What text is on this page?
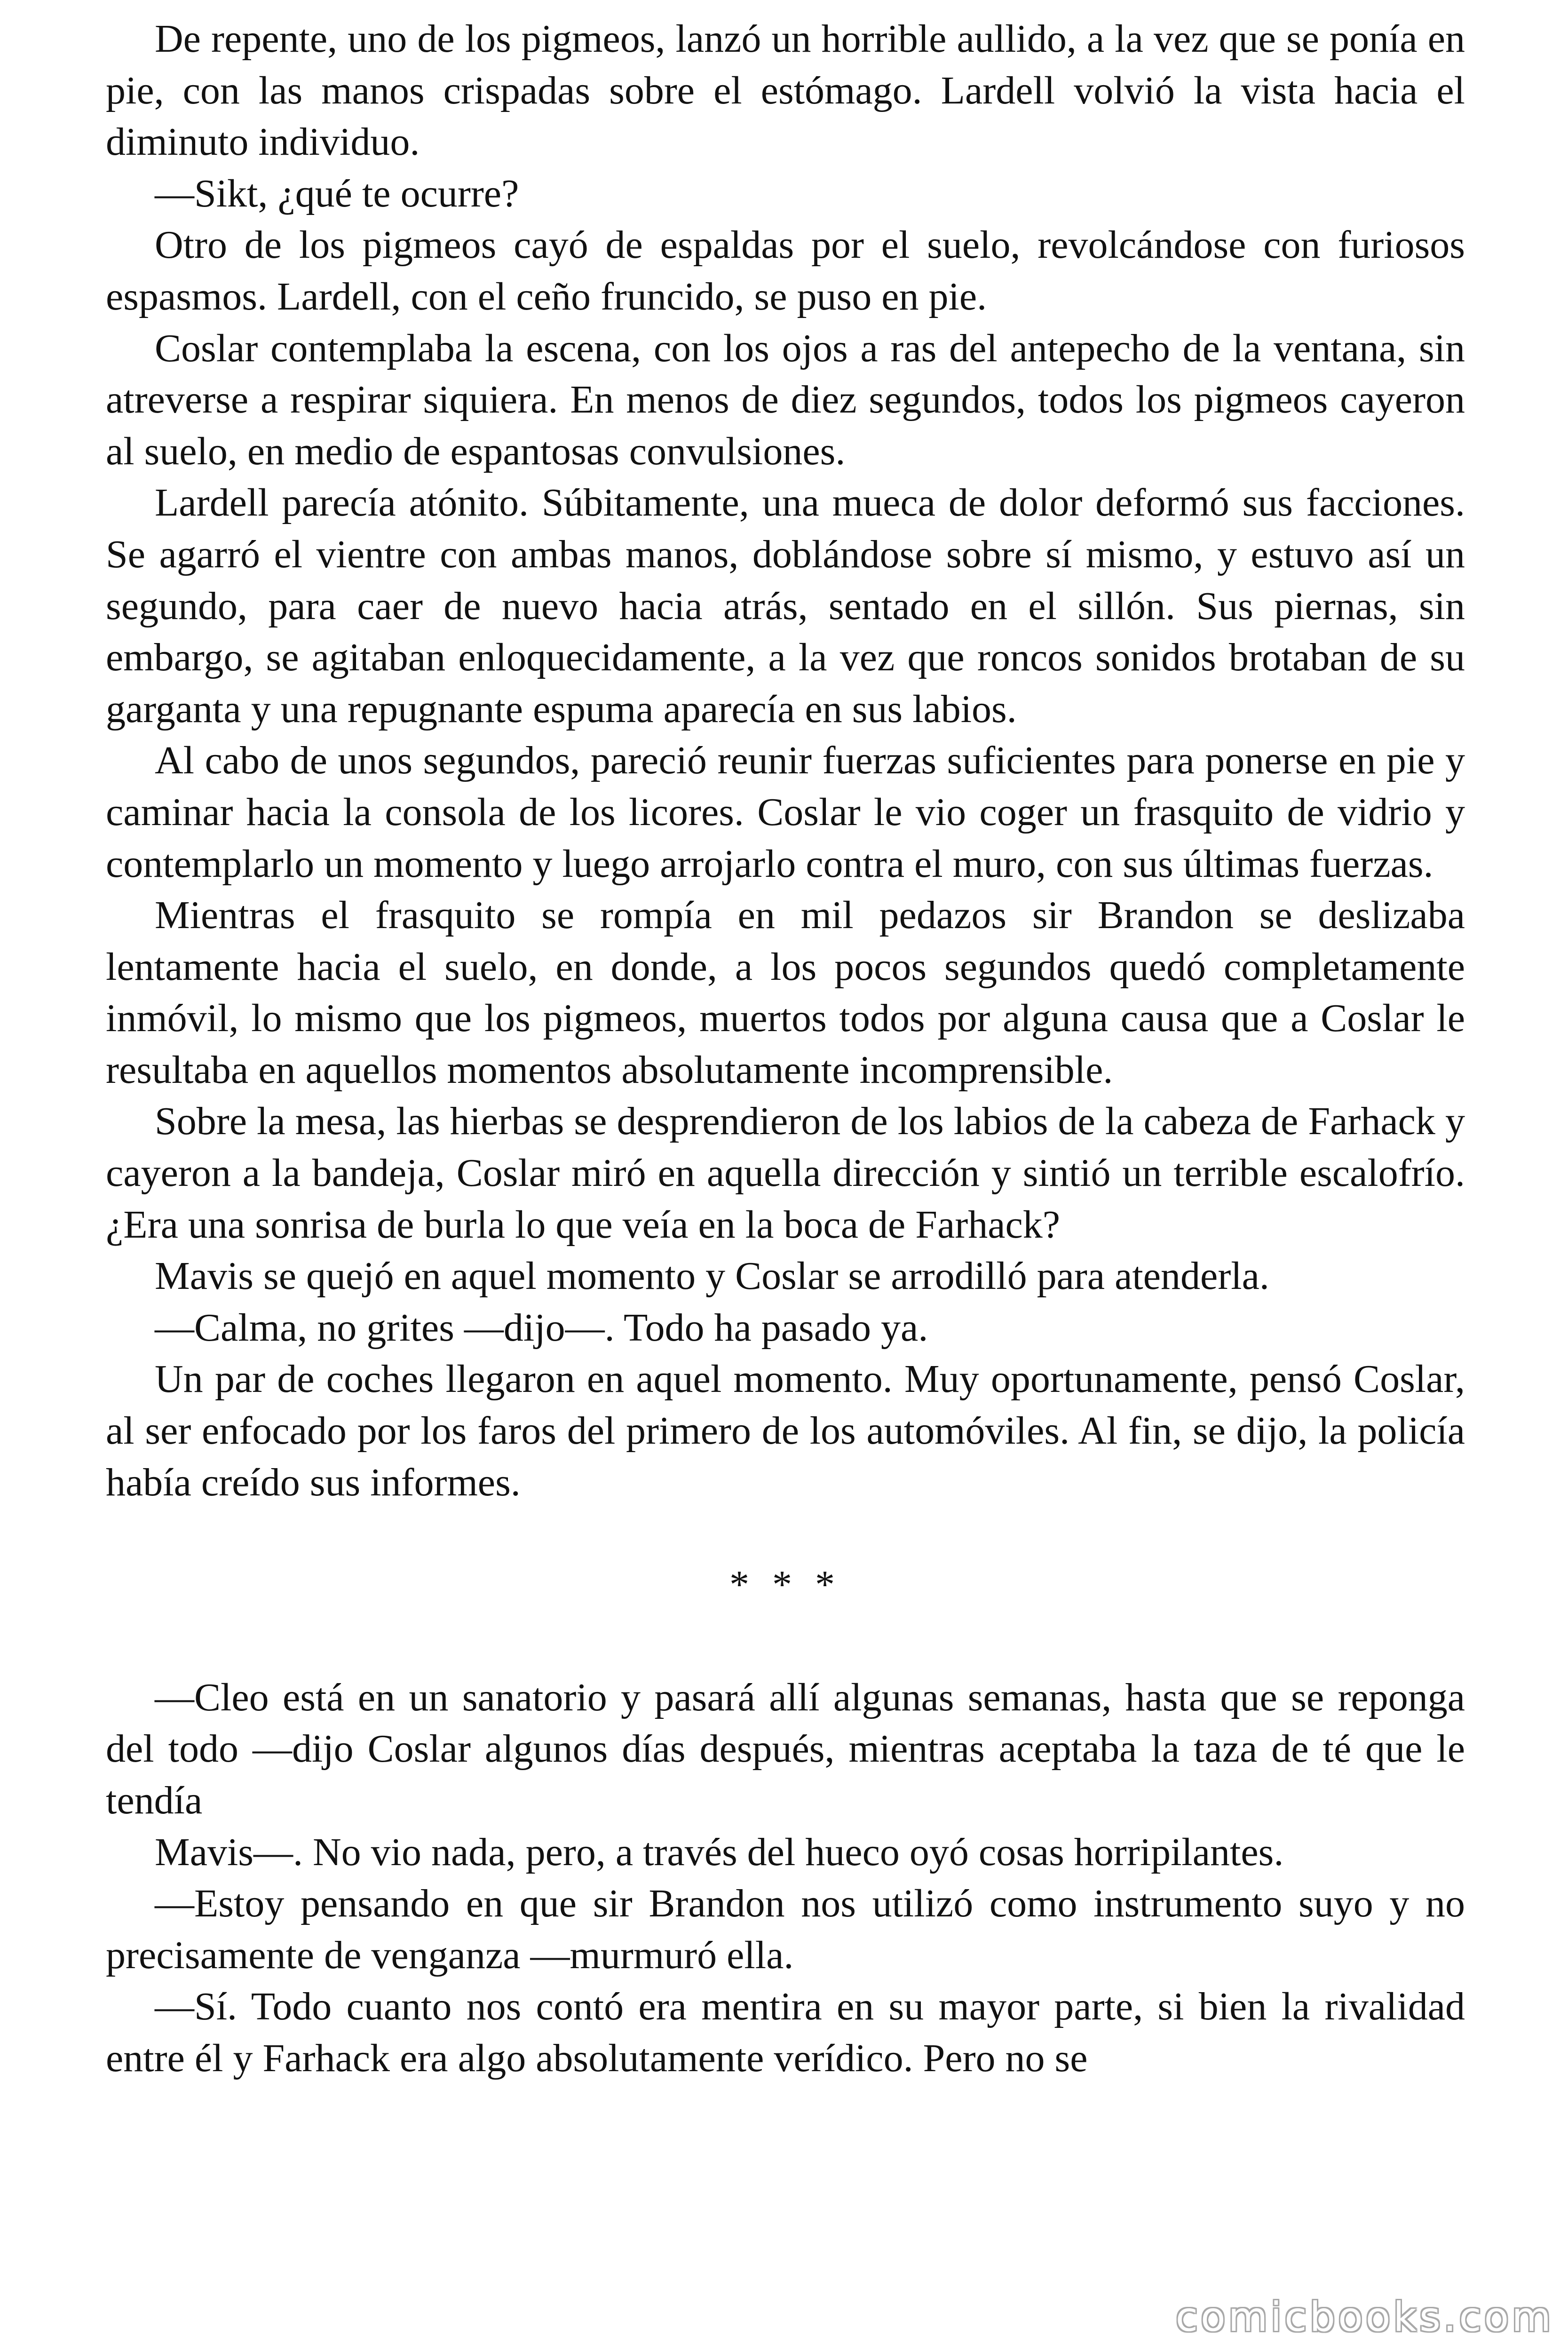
De repente, uno de los pigmeos, lanzó un horrible aullido, a la vez que se ponía en pie, con las manos crispadas sobre el estómago. Lardell volvió la vista hacia el diminuto individuo.

—Sikt, ¿qué te ocurre?

Otro de los pigmeos cayó de espaldas por el suelo, revolcándose con furiosos espasmos. Lardell, con el ceño fruncido, se puso en pie.

Coslar contemplaba la escena, con los ojos a ras del antepecho de la ventana, sin atreverse a respirar siquiera. En menos de diez segundos, todos los pigmeos cayeron al suelo, en medio de espantosas convulsiones.

Lardell parecía atónito. Súbitamente, una mueca de dolor deformó sus facciones. Se agarró el vientre con ambas manos, doblándose sobre sí mismo, y estuvo así un segundo, para caer de nuevo hacia atrás, sentado en el sillón. Sus piernas, sin embargo, se agitaban enloquecidamente, a la vez que roncos sonidos brotaban de su garganta y una repugnante espuma aparecía en sus labios.

Al cabo de unos segundos, pareció reunir fuerzas suficientes para ponerse en pie y caminar hacia la consola de los licores. Coslar le vio coger un frasquito de vidrio y contemplarlo un momento y luego arrojarlo contra el muro, con sus últimas fuerzas.

Mientras el frasquito se rompía en mil pedazos sir Brandon se deslizaba lentamente hacia el suelo, en donde, a los pocos segundos quedó completamente inmóvil, lo mismo que los pigmeos, muertos todos por alguna causa que a Coslar le resultaba en aquellos momentos absolutamente incomprensible.

Sobre la mesa, las hierbas se desprendieron de los labios de la cabeza de Farhack y cayeron a la bandeja, Coslar miró en aquella dirección y sintió un terrible escalofrío. ¿Era una sonrisa de burla lo que veía en la boca de Farhack?

Mavis se quejó en aquel momento y Coslar se arrodilló para atenderla.

—Calma, no grites —dijo—. Todo ha pasado ya.

Un par de coches llegaron en aquel momento. Muy oportunamente, pensó Coslar, al ser enfocado por los faros del primero de los automóviles. Al fin, se dijo, la policía había creído sus informes.

* * *

—Cleo está en un sanatorio y pasará allí algunas semanas, hasta que se reponga del todo —dijo Coslar algunos días después, mientras aceptaba la taza de té que le tendía

Mavis—. No vio nada, pero, a través del hueco oyó cosas horripilantes.

—Estoy pensando en que sir Brandon nos utilizó como instrumento suyo y no precisamente de venganza —murmuró ella.

—Sí. Todo cuanto nos contó era mentira en su mayor parte, si bien la rivalidad entre él y Farhack era algo absolutamente verídico. Pero no se

comicbooks.com
